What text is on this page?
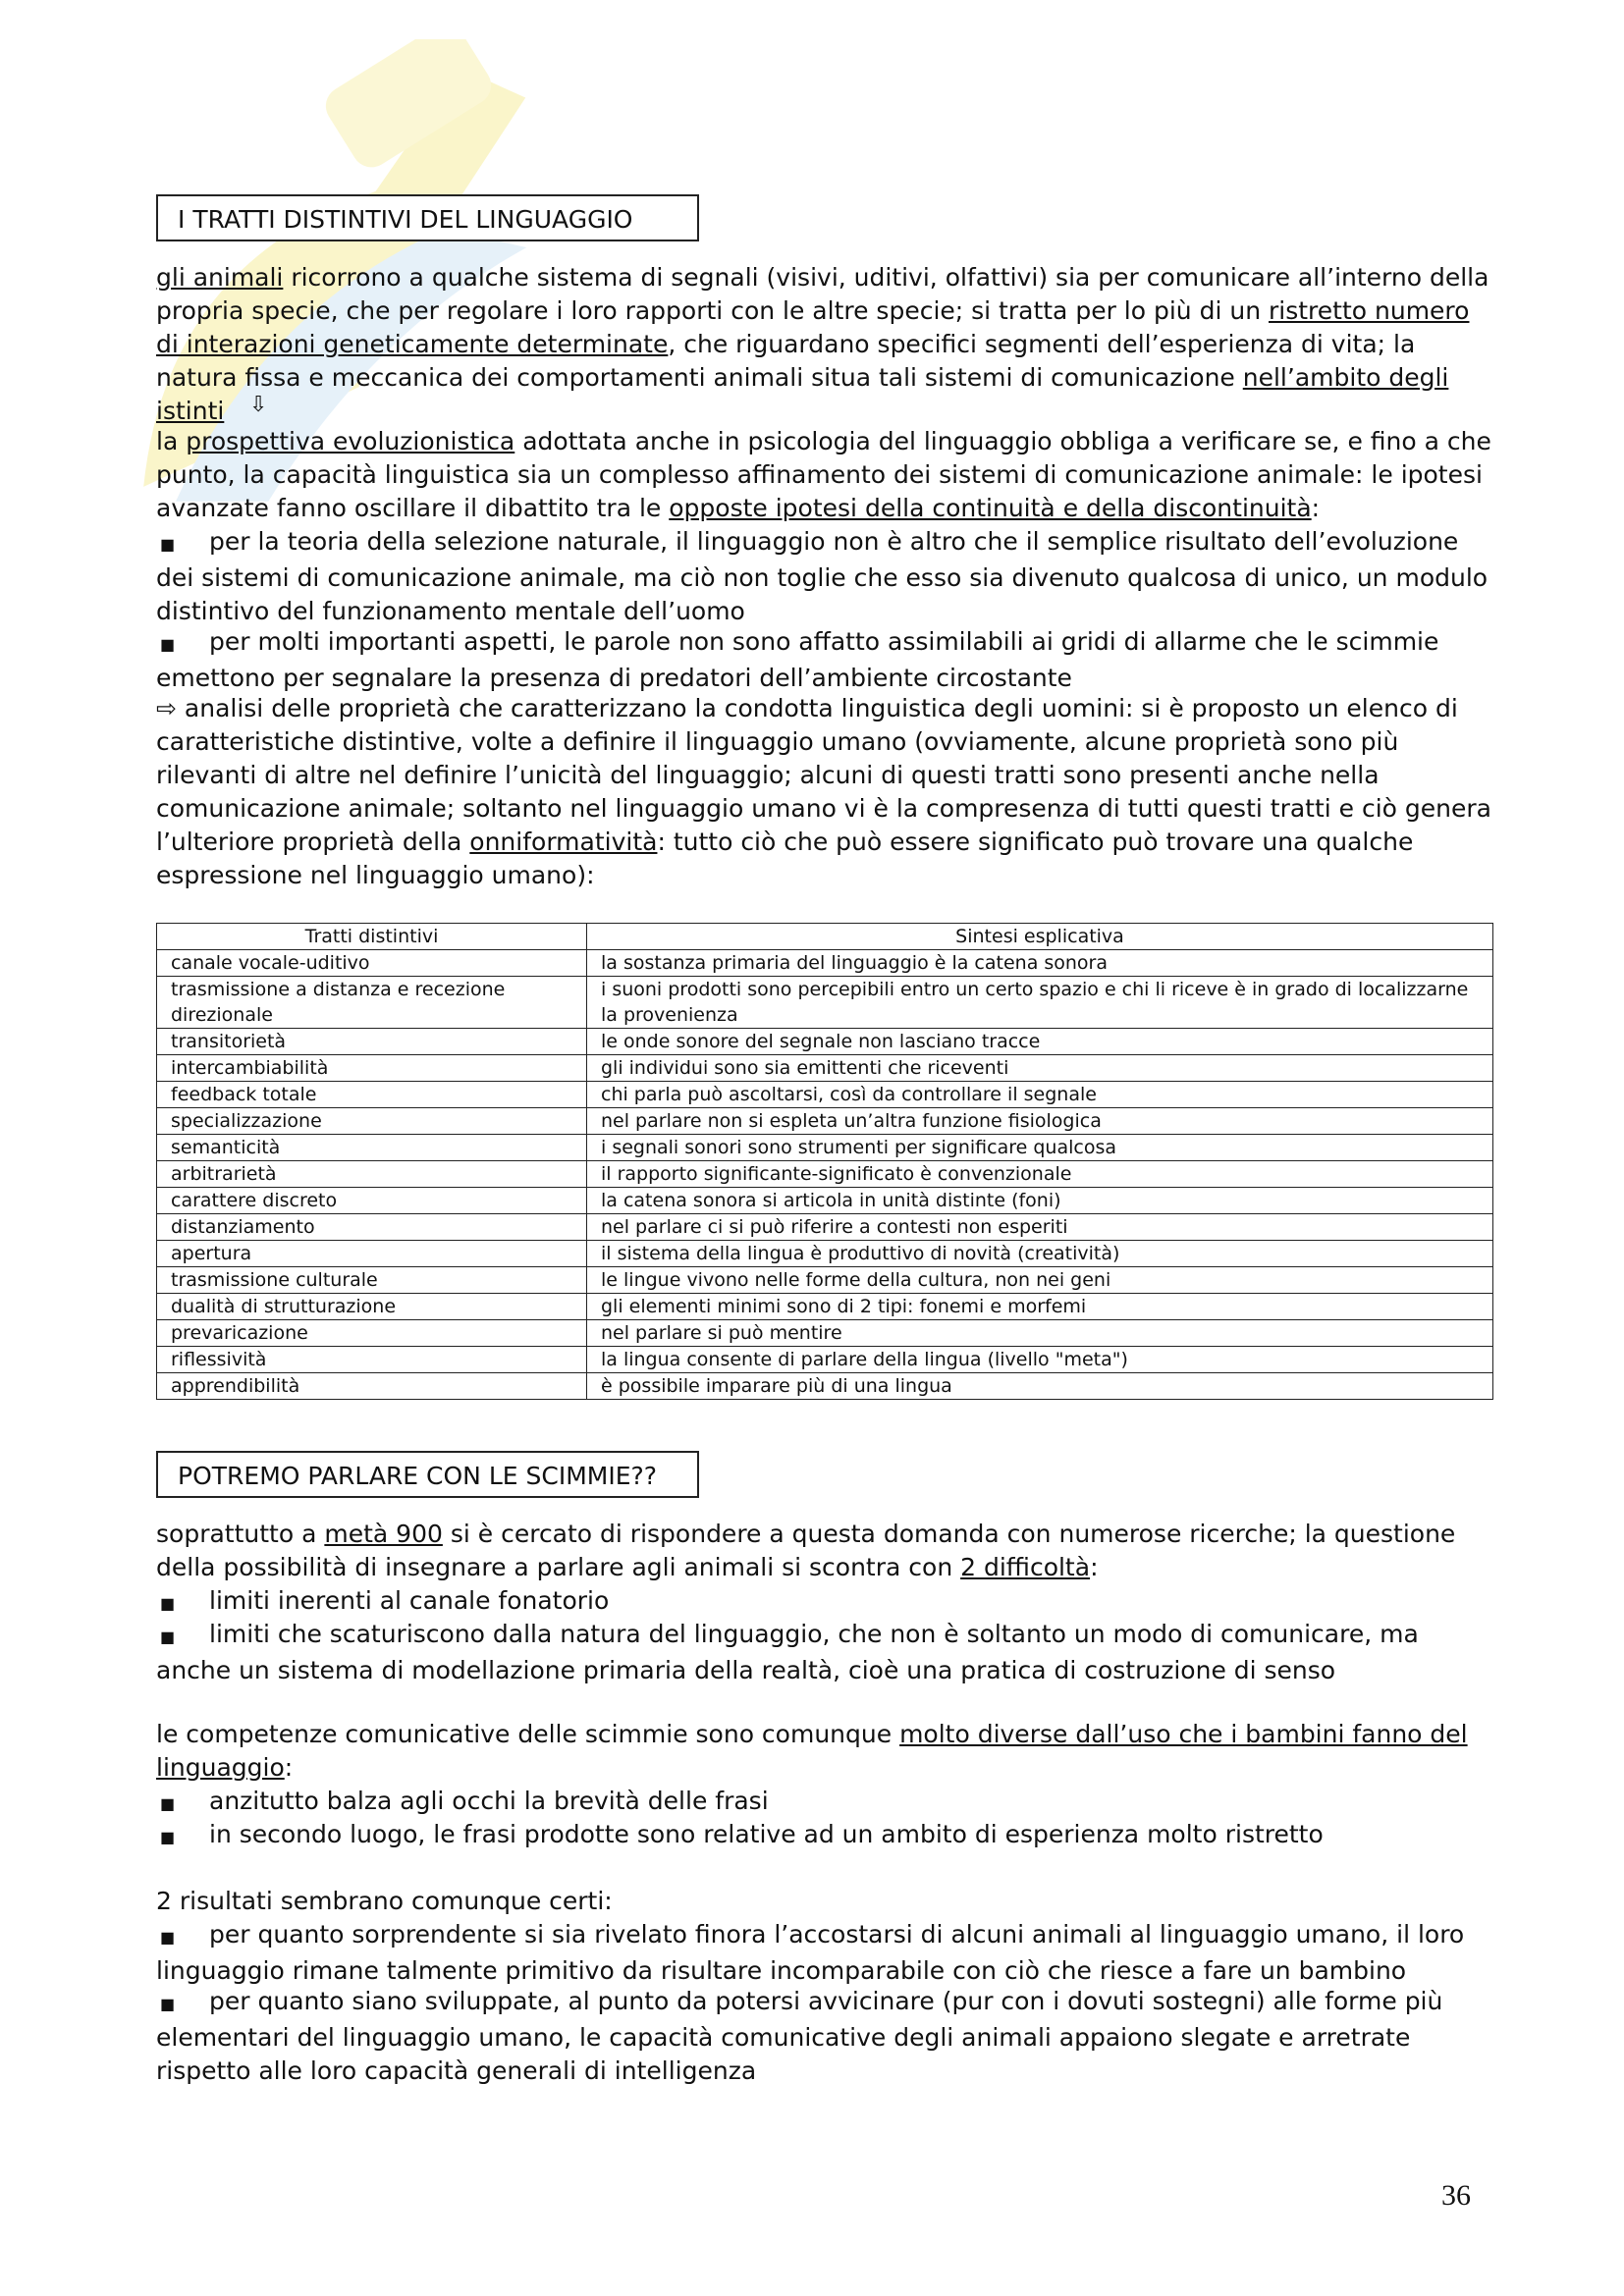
I TRATTI DISTINTIVI DEL LINGUAGGIO

gli animali ricorrono a qualche sistema di segnali (visivi, uditivi, olfattivi) sia per comunicare all’interno della propria specie, che per regolare i loro rapporti con le altre specie; si tratta per lo più di un ristretto numero di interazioni geneticamente determinate, che riguardano specifici segmenti dell’esperienza di vita; la natura fissa e meccanica dei comportamenti animali situa tali sistemi di comunicazione nell’ambito degli istinti	⇩

la prospettiva evoluzionistica adottata anche in psicologia del linguaggio obbliga a verificare se, e fino a che punto, la capacità linguistica sia un complesso affinamento dei sistemi di comunicazione animale: le ipotesi avanzate fanno oscillare il dibattito tra le opposte ipotesi della continuità e della discontinuità:

■ per la teoria della selezione naturale, il linguaggio non è altro che il semplice risultato dell’evoluzione dei sistemi di comunicazione animale, ma ciò non toglie che esso sia divenuto qualcosa di unico, un modulo distintivo del funzionamento mentale dell’uomo

■ per molti importanti aspetti, le parole non sono affatto assimilabili ai gridi di allarme che le scimmie emettono per segnalare la presenza di predatori dell’ambiente circostante

⇨ analisi delle proprietà che caratterizzano la condotta linguistica degli uomini: si è proposto un elenco di caratteristiche distintive, volte a definire il linguaggio umano (ovviamente, alcune proprietà sono più rilevanti di altre nel definire l’unicità del linguaggio; alcuni di questi tratti sono presenti anche nella comunicazione animale; soltanto nel linguaggio umano vi è la compresenza di tutti questi tratti e ciò genera l’ulteriore proprietà della onniformatività: tutto ciò che può essere significato può trovare una qualche espressione nel linguaggio umano):

Tratti distintivi	Sintesi esplicativa
canale vocale-uditivo	la sostanza primaria del linguaggio è la catena sonora
trasmissione a distanza e recezione direzionale	i suoni prodotti sono percepibili entro un certo spazio e chi li riceve è in grado di localizzarne la provenienza
transitorietà	le onde sonore del segnale non lasciano tracce
intercambiabilità	gli individui sono sia emittenti che riceventi
feedback totale	chi parla può ascoltarsi, così da controllare il segnale
specializzazione	nel parlare non si espleta un’altra funzione fisiologica
semanticità	i segnali sonori sono strumenti per significare qualcosa
arbitrarietà	il rapporto significante-significato è convenzionale
carattere discreto	la catena sonora si articola in unità distinte (foni)
distanziamento	nel parlare ci si può riferire a contesti non esperiti
apertura	il sistema della lingua è produttivo di novità (creatività)
trasmissione culturale	le lingue vivono nelle forme della cultura, non nei geni
dualità di strutturazione	gli elementi minimi sono di 2 tipi: fonemi e morfemi
prevaricazione	nel parlare si può mentire
riflessività	la lingua consente di parlare della lingua (livello "meta")
apprendibilità	è possibile imparare più di una lingua
POTREMO PARLARE CON LE SCIMMIE??

soprattutto a metà 900 si è cercato di rispondere a questa domanda con numerose ricerche; la questione della possibilità di insegnare a parlare agli animali si scontra con 2 difficoltà:

■ limiti inerenti al canale fonatorio

■ limiti che scaturiscono dalla natura del linguaggio, che non è soltanto un modo di comunicare, ma anche un sistema di modellazione primaria della realtà, cioè una pratica di costruzione di senso

le competenze comunicative delle scimmie sono comunque molto diverse dall’uso che i bambini fanno del linguaggio:

■ anzitutto balza agli occhi la brevità delle frasi

■ in secondo luogo, le frasi prodotte sono relative ad un ambito di esperienza molto ristretto

2 risultati sembrano comunque certi:

■ per quanto sorprendente si sia rivelato finora l’accostarsi di alcuni animali al linguaggio umano, il loro linguaggio rimane talmente primitivo da risultare incomparabile con ciò che riesce a fare un bambino

■ per quanto siano sviluppate, al punto da potersi avvicinare (pur con i dovuti sostegni) alle forme più elementari del linguaggio umano, le capacità comunicative degli animali appaiono slegate e arretrate rispetto alle loro capacità generali di intelligenza

36
